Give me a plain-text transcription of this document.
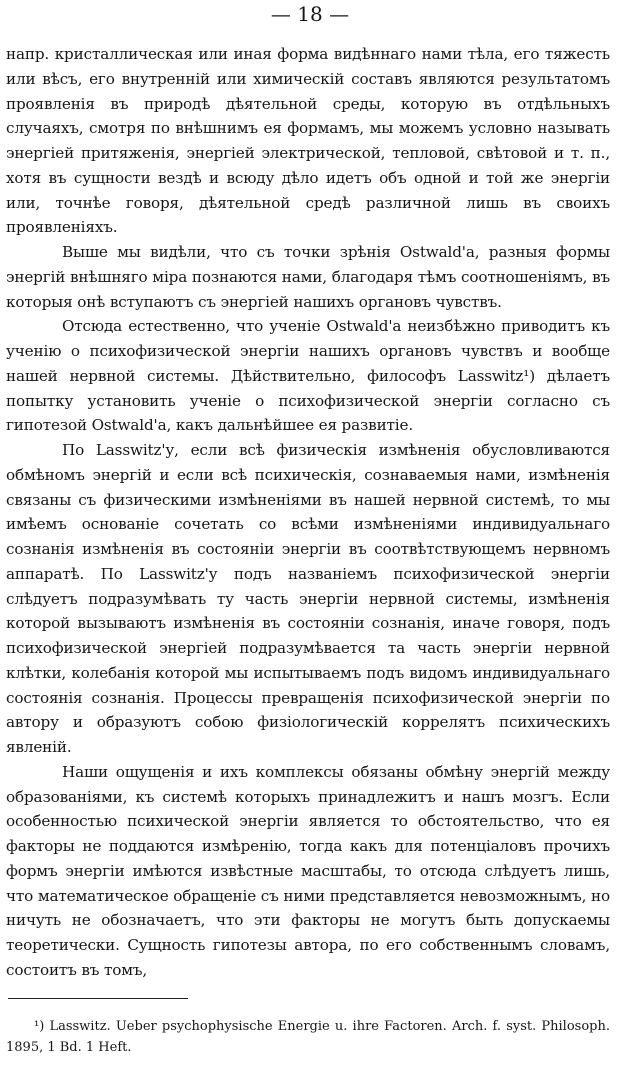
— 18 —

напр. кристаллическая или иная форма видѣннаго нами тѣла, его тяжесть или вѣсъ, его внутренній или химическій составъ являются результатомъ проявленія въ природѣ дѣятельной среды, которую въ отдѣльныхъ случаяхъ, смотря по внѣшнимъ ея формамъ, мы можемъ условно называть энергіей притяженія, энергіей электрической, тепловой, свѣтовой и т. п., хотя въ сущности вездѣ и всюду дѣло идетъ объ одной и той же энергіи или, точнѣе говоря, дѣятельной средѣ различной лишь въ своихъ проявленіяхъ.

Выше мы видѣли, что съ точки зрѣнія Ostwald'a, разныя формы энергій внѣшняго міра познаются нами, благодаря тѣмъ соотношеніямъ, въ которыя онѣ вступаютъ съ энергіей нашихъ органовъ чувствъ.

Отсюда естественно, что ученіе Ostwald'a неизбѣжно приводитъ къ ученію о психофизической энергіи нашихъ органовъ чувствъ и вообще нашей нервной системы. Дѣйствительно, философъ Lasswitz¹) дѣлаетъ попытку установить ученіе о психофизической энергіи согласно съ гипотезой Ostwald'a, какъ дальнѣйшее ея развитіе.

По Lasswitz'у, если всѣ физическія измѣненія обусловливаются обмѣномъ энергій и если всѣ психическія, сознаваемыя нами, измѣненія связаны съ физическими измѣненіями въ нашей нервной системѣ, то мы имѣемъ основаніе сочетать со всѣми измѣненіями индивидуальнаго сознанія измѣненія въ состояніи энергіи въ соотвѣтствующемъ нервномъ аппаратѣ. По Lasswitz'у подъ названіемъ психофизической энергіи слѣдуетъ подразумѣвать ту часть энергіи нервной системы, измѣненія которой вызываютъ измѣненія въ состояніи сознанія, иначе говоря, подъ психофизической энергіей подразумѣвается та часть энергіи нервной клѣтки, колебанія которой мы испытываемъ подъ видомъ индивидуальнаго состоянія сознанія. Процессы превращенія психофизической энергіи по автору и образуютъ собою физіологическій коррелятъ психическихъ явленій.

Наши ощущенія и ихъ комплексы обязаны обмѣну энергій между образованіями, къ системѣ которыхъ принадлежитъ и нашъ мозгъ. Если особенностью психической энергіи является то обстоятельство, что ея факторы не поддаются измѣренію, тогда какъ для потенціаловъ прочихъ формъ энергіи имѣются извѣстные масштабы, то отсюда слѣдуетъ лишь, что математическое обращеніе съ ними представляется невозможнымъ, но ничуть не обозначаетъ, что эти факторы не могутъ быть допускаемы теоретически. Сущность гипотезы автора, по его собственнымъ словамъ, состоитъ въ томъ,

¹) Lasswitz. Ueber psychophysische Energie u. ihre Factoren. Arch. f. syst. Philosoph. 1895, 1 Bd. 1 Heft.
